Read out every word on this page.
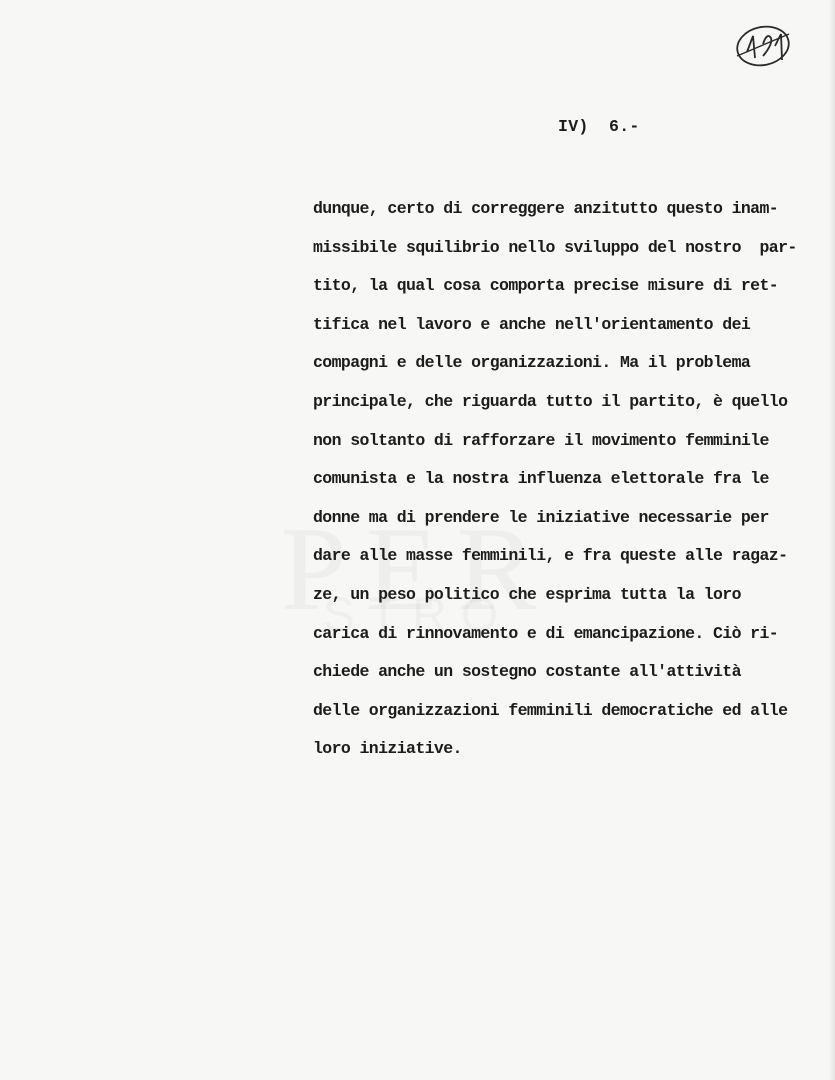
IV)  6.-
dunque, certo di correggere anzitutto questo inam-
missibile squilibrio nello sviluppo del nostro  par-
tito, la qual cosa comporta precise misure di ret-
tifica nel lavoro e anche nell'orientamento dei
compagni e delle organizzazioni. Ma il problema
principale, che riguarda tutto il partito, è quello
non soltanto di rafforzare il movimento femminile
comunista e la nostra influenza elettorale fra le
donne ma di prendere le iniziative necessarie per
dare alle masse femminili, e fra queste alle ragaz-
ze, un peso politico che esprima tutta la loro
carica di rinnovamento e di emancipazione. Ciò ri-
chiede anche un sostegno costante all'attività
delle organizzazioni femminili democratiche ed alle
loro iniziative.
